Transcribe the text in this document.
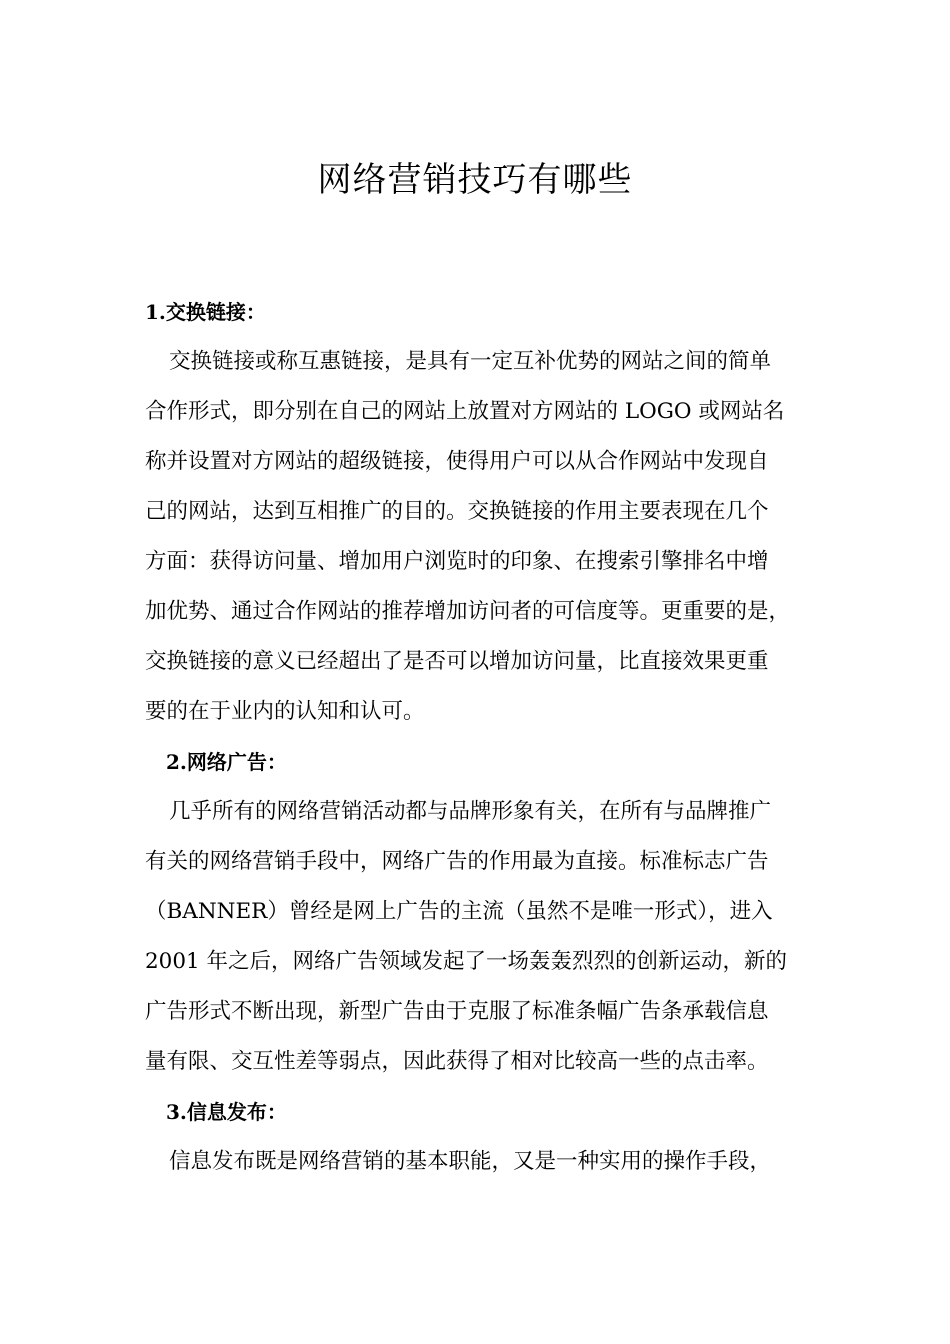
网络营销技巧有哪些

1.交换链接：

交换链接或称互惠链接，是具有一定互补优势的网站之间的简单
合作形式，即分别在自己的网站上放置对方网站的 LOGO 或网站名
称并设置对方网站的超级链接，使得用户可以从合作网站中发现自
己的网站，达到互相推广的目的。交换链接的作用主要表现在几个
方面：获得访问量、增加用户浏览时的印象、在搜索引擎排名中增
加优势、通过合作网站的推荐增加访问者的可信度等。更重要的是，
交换链接的意义已经超出了是否可以增加访问量，比直接效果更重
要的在于业内的认知和认可。

2.网络广告：

几乎所有的网络营销活动都与品牌形象有关，在所有与品牌推广
有关的网络营销手段中，网络广告的作用最为直接。标准标志广告
（BANNER）曾经是网上广告的主流（虽然不是唯一形式），进入
2001 年之后，网络广告领域发起了一场轰轰烈烈的创新运动，新的
广告形式不断出现，新型广告由于克服了标准条幅广告条承载信息
量有限、交互性差等弱点，因此获得了相对比较高一些的点击率。

3.信息发布：

信息发布既是网络营销的基本职能，又是一种实用的操作手段，
